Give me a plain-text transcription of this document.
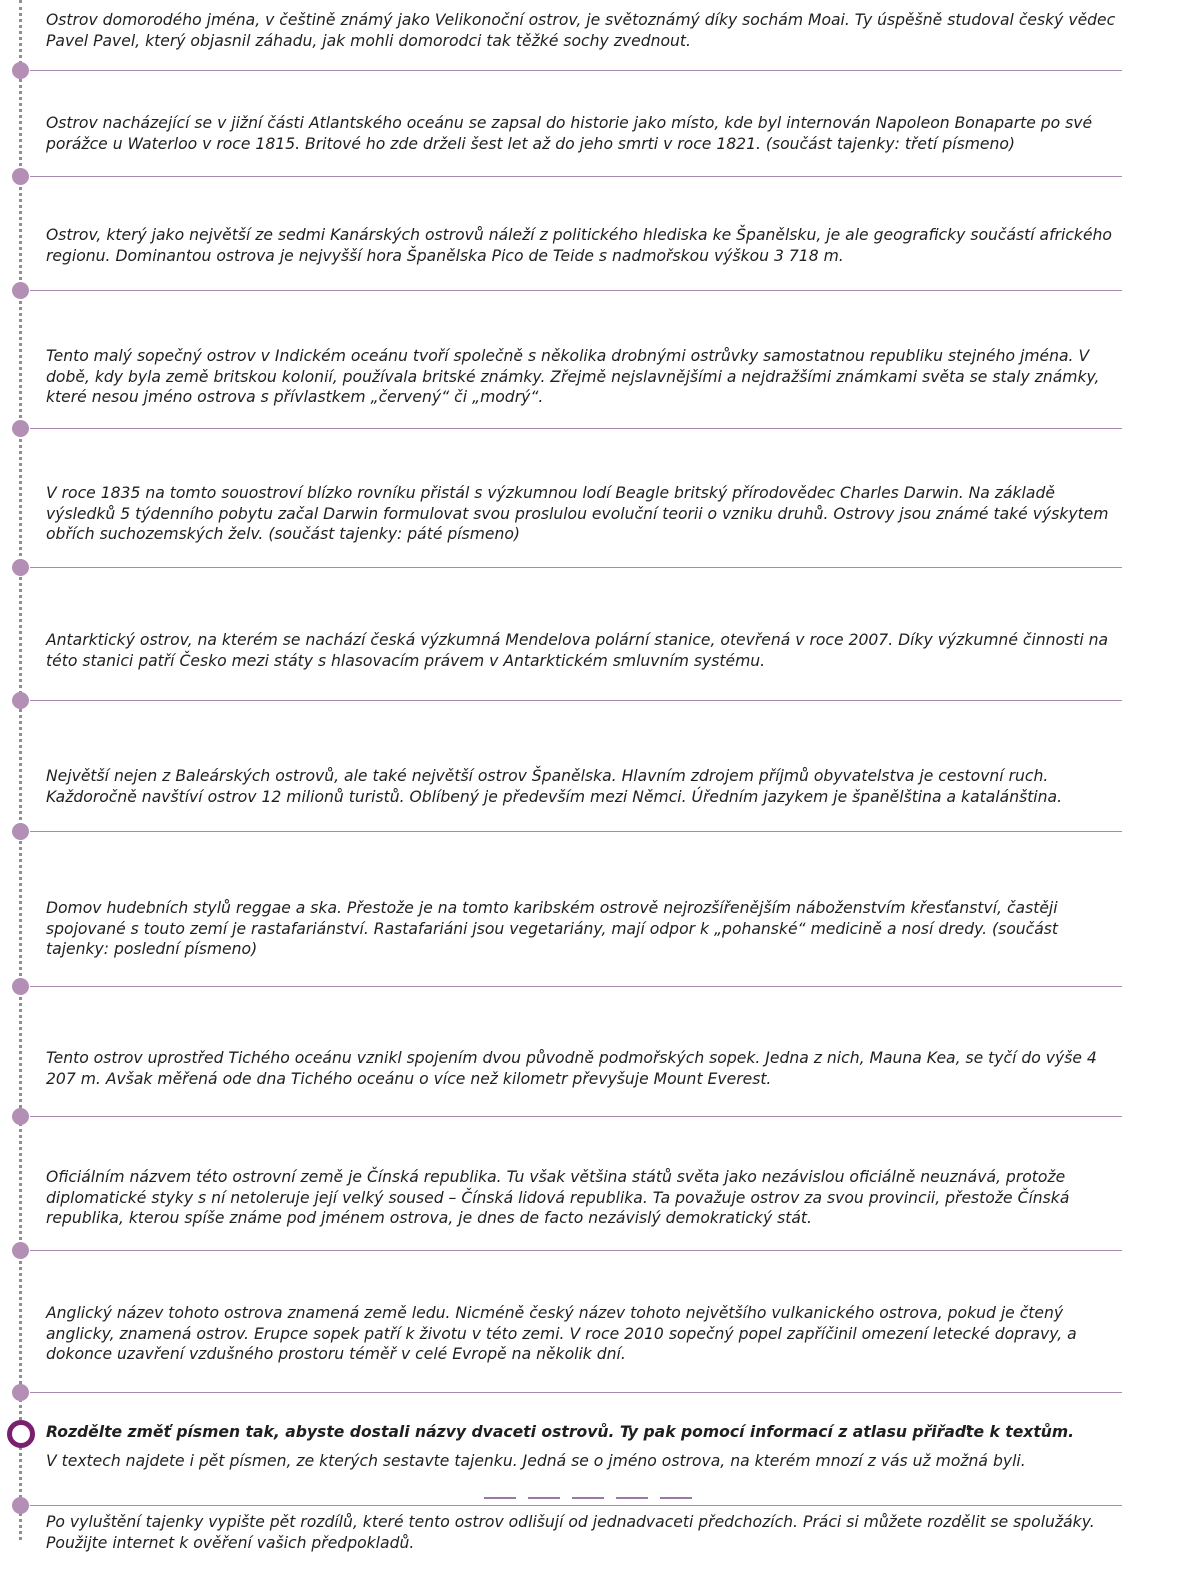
Ostrov domorodého jména, v češtině známý jako Velikonoční ostrov, je světoznámý díky sochám Moai. Ty úspěšně studoval český vědec Pavel Pavel, který objasnil záhadu, jak mohli domorodci tak těžké sochy zvednout.

Ostrov nacházející se v jižní části Atlantského oceánu se zapsal do historie jako místo, kde byl internován Napoleon Bonaparte po své porážce u Waterloo v roce 1815. Britové ho zde drželi šest let až do jeho smrti v roce 1821. (součást tajenky: třetí písmeno)

Ostrov, který jako největší ze sedmi Kanárských ostrovů náleží z politického hlediska ke Španělsku, je ale geograficky součástí afrického regionu. Dominantou ostrova je nejvyšší hora Španělska Pico de Teide s nadmořskou výškou 3 718 m.

Tento malý sopečný ostrov v Indickém oceánu tvoří společně s několika drobnými ostrůvky samostatnou republiku stejného jména. V době, kdy byla země britskou kolonií, používala britské známky. Zřejmě nejslavnějšími a nejdražšími známkami světa se staly známky, které nesou jméno ostrova s přívlastkem „červený“ či „modrý“.

V roce 1835 na tomto souostroví blízko rovníku přistál s výzkumnou lodí Beagle britský přírodovědec Charles Darwin. Na základě výsledků 5 týdenního pobytu začal Darwin formulovat svou proslulou evoluční teorii o vzniku druhů. Ostrovy jsou známé také výskytem obřích suchozemských želv. (součást tajenky: páté písmeno)

Antarktický ostrov, na kterém se nachází česká výzkumná Mendelova polární stanice, otevřená v roce 2007. Díky výzkumné činnosti na této stanici patří Česko mezi státy s hlasovacím právem v Antarktickém smluvním systému.

Největší nejen z Baleárských ostrovů, ale také největší ostrov Španělska. Hlavním zdrojem příjmů obyvatelstva je cestovní ruch. Každoročně navštíví ostrov 12 milionů turistů. Oblíbený je především mezi Němci. Úředním jazykem je španělština a katalánština.

Domov hudebních stylů reggae a ska. Přestože je na tomto karibském ostrově nejrozšířenějším náboženstvím křesťanství, častěji spojované s touto zemí je rastafariánství. Rastafariáni jsou vegetariány, mají odpor k „pohanské“ medicině a nosí dredy. (součást tajenky: poslední písmeno)

Tento ostrov uprostřed Tichého oceánu vznikl spojením dvou původně podmořských sopek. Jedna z nich, Mauna Kea, se tyčí do výše 4 207 m. Avšak měřená ode dna Tichého oceánu o více než kilometr převyšuje Mount Everest.

Oficiálním názvem této ostrovní země je Čínská republika. Tu však většina států světa jako nezávislou oficiálně neuznává, protože diplomatické styky s ní netoleruje její velký soused – Čínská lidová republika. Ta považuje ostrov za svou provincii, přestože Čínská republika, kterou spíše známe pod jménem ostrova, je dnes de facto nezávislý demokratický stát.

Anglický název tohoto ostrova znamená země ledu. Nicméně český název tohoto největšího vulkanického ostrova, pokud je čtený anglicky, znamená ostrov. Erupce sopek patří k životu v této zemi. V roce 2010 sopečný popel zapříčinil omezení letecké dopravy, a dokonce uzavření vzdušného prostoru téměř v celé Evropě na několik dní.

Rozdělte změť písmen tak, abyste dostali názvy dvaceti ostrovů. Ty pak pomocí informací z atlasu přiřaďte k textům.

V textech najdete i pět písmen, ze kterých sestavte tajenku. Jedná se o jméno ostrova, na kterém mnozí z vás už možná byli.

Po vyluštění tajenky vypište pět rozdílů, které tento ostrov odlišují od jednadvaceti předchozích. Práci si můžete rozdělit se spolužáky. Použijte internet k ověření vašich předpokladů.
